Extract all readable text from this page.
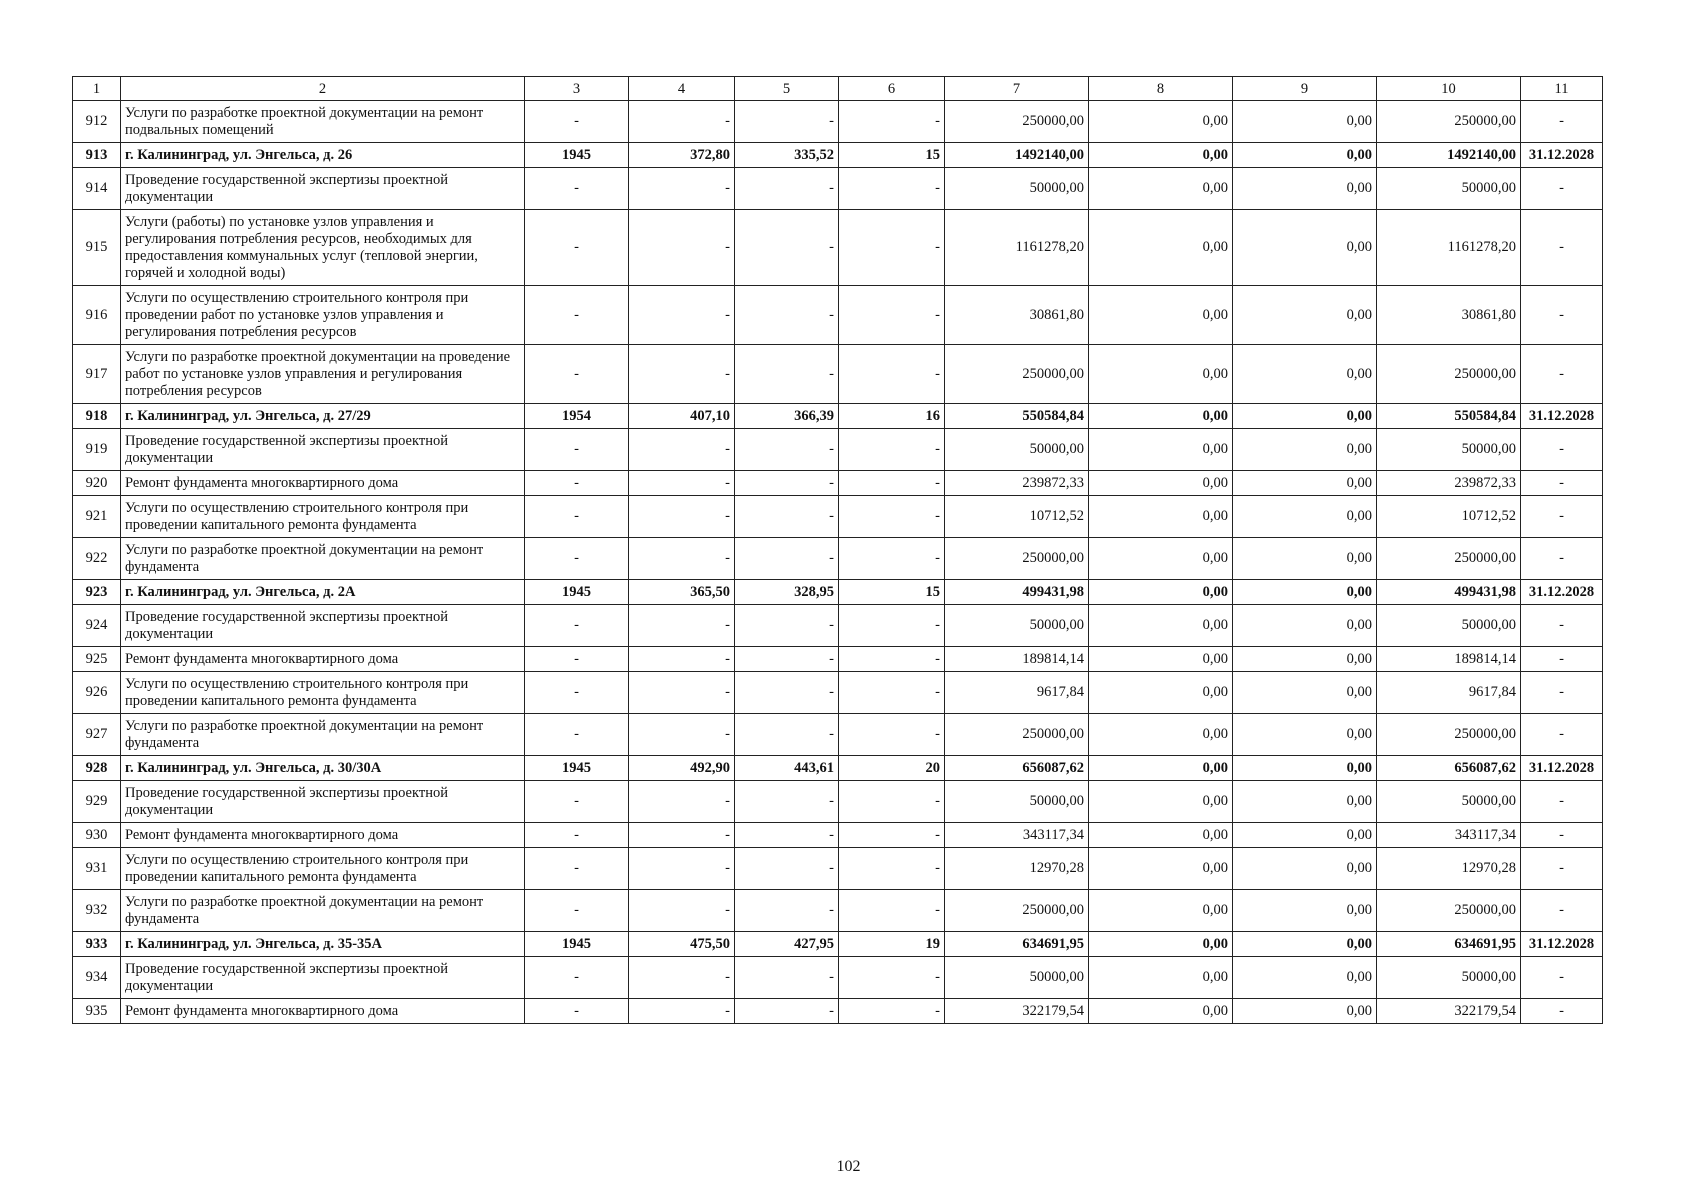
1	2	3	4	5	6	7	8	9	10	11
912	Услуги по разработке проектной документации на ремонт подвальных помещений	-	-	-	-	250000,00	0,00	0,00	250000,00	-
913	г. Калининград, ул. Энгельса, д. 26	1945	372,80	335,52	15	1492140,00	0,00	0,00	1492140,00	31.12.2028
914	Проведение государственной экспертизы проектной документации	-	-	-	-	50000,00	0,00	0,00	50000,00	-
915	Услуги (работы) по установке узлов управления и регулирования потребления ресурсов, необходимых для предоставления коммунальных услуг (тепловой энергии, горячей и холодной воды)	-	-	-	-	1161278,20	0,00	0,00	1161278,20	-
916	Услуги по осуществлению строительного контроля при проведении работ по установке узлов управления и регулирования потребления ресурсов	-	-	-	-	30861,80	0,00	0,00	30861,80	-
917	Услуги по разработке проектной документации на проведение работ по установке узлов управления и регулирования потребления ресурсов	-	-	-	-	250000,00	0,00	0,00	250000,00	-
918	г. Калининград, ул. Энгельса, д. 27/29	1954	407,10	366,39	16	550584,84	0,00	0,00	550584,84	31.12.2028
919	Проведение государственной экспертизы проектной документации	-	-	-	-	50000,00	0,00	0,00	50000,00	-
920	Ремонт фундамента многоквартирного дома	-	-	-	-	239872,33	0,00	0,00	239872,33	-
921	Услуги по осуществлению строительного контроля при проведении капитального ремонта фундамента	-	-	-	-	10712,52	0,00	0,00	10712,52	-
922	Услуги по разработке проектной документации на ремонт фундамента	-	-	-	-	250000,00	0,00	0,00	250000,00	-
923	г. Калининград, ул. Энгельса, д. 2А	1945	365,50	328,95	15	499431,98	0,00	0,00	499431,98	31.12.2028
924	Проведение государственной экспертизы проектной документации	-	-	-	-	50000,00	0,00	0,00	50000,00	-
925	Ремонт фундамента многоквартирного дома	-	-	-	-	189814,14	0,00	0,00	189814,14	-
926	Услуги по осуществлению строительного контроля при проведении капитального ремонта фундамента	-	-	-	-	9617,84	0,00	0,00	9617,84	-
927	Услуги по разработке проектной документации на ремонт фундамента	-	-	-	-	250000,00	0,00	0,00	250000,00	-
928	г. Калининград, ул. Энгельса, д. 30/30А	1945	492,90	443,61	20	656087,62	0,00	0,00	656087,62	31.12.2028
929	Проведение государственной экспертизы проектной документации	-	-	-	-	50000,00	0,00	0,00	50000,00	-
930	Ремонт фундамента многоквартирного дома	-	-	-	-	343117,34	0,00	0,00	343117,34	-
931	Услуги по осуществлению строительного контроля при проведении капитального ремонта фундамента	-	-	-	-	12970,28	0,00	0,00	12970,28	-
932	Услуги по разработке проектной документации на ремонт фундамента	-	-	-	-	250000,00	0,00	0,00	250000,00	-
933	г. Калининград, ул. Энгельса, д. 35-35А	1945	475,50	427,95	19	634691,95	0,00	0,00	634691,95	31.12.2028
934	Проведение государственной экспертизы проектной документации	-	-	-	-	50000,00	0,00	0,00	50000,00	-
935	Ремонт фундамента многоквартирного дома	-	-	-	-	322179,54	0,00	0,00	322179,54	-
102
